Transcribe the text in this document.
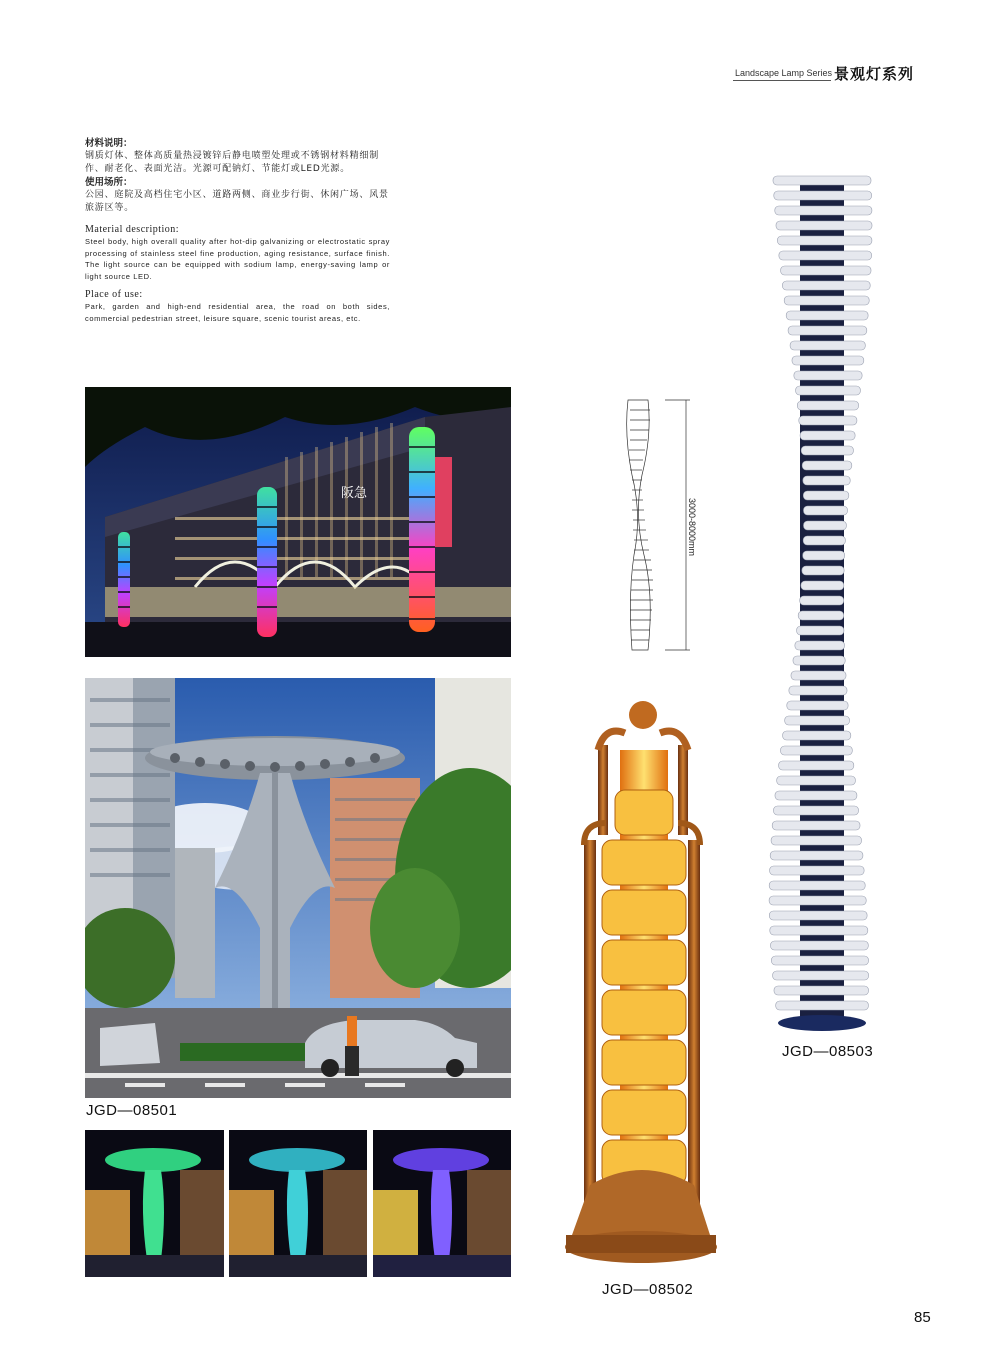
Landscape Lamp Series 景观灯系列
材料说明：
钢质灯体、整体高质量热浸镀锌后静电喷塑处理或不锈钢材料精细制作、耐老化、表面光洁。光源可配钠灯、节能灯或LED光源。
使用场所：
公园、庭院及高档住宅小区、道路两侧、商业步行街、休闲广场、风景旅游区等。
Material description:
Steel body, high overall quality after hot-dip galvanizing or electrostatic spray processing of stainless steel fine production, aging resistance, surface finish. The light source can be equipped with sodium lamp, energy-saving lamp or light source LED.
Place of use:
Park, garden and high-end residential area, the road on both sides, commercial pedestrian street, leisure square, scenic tourist areas, etc.
阪急
JGD—08501
3000-8000mm
JGD—08502
JGD—08503
85
